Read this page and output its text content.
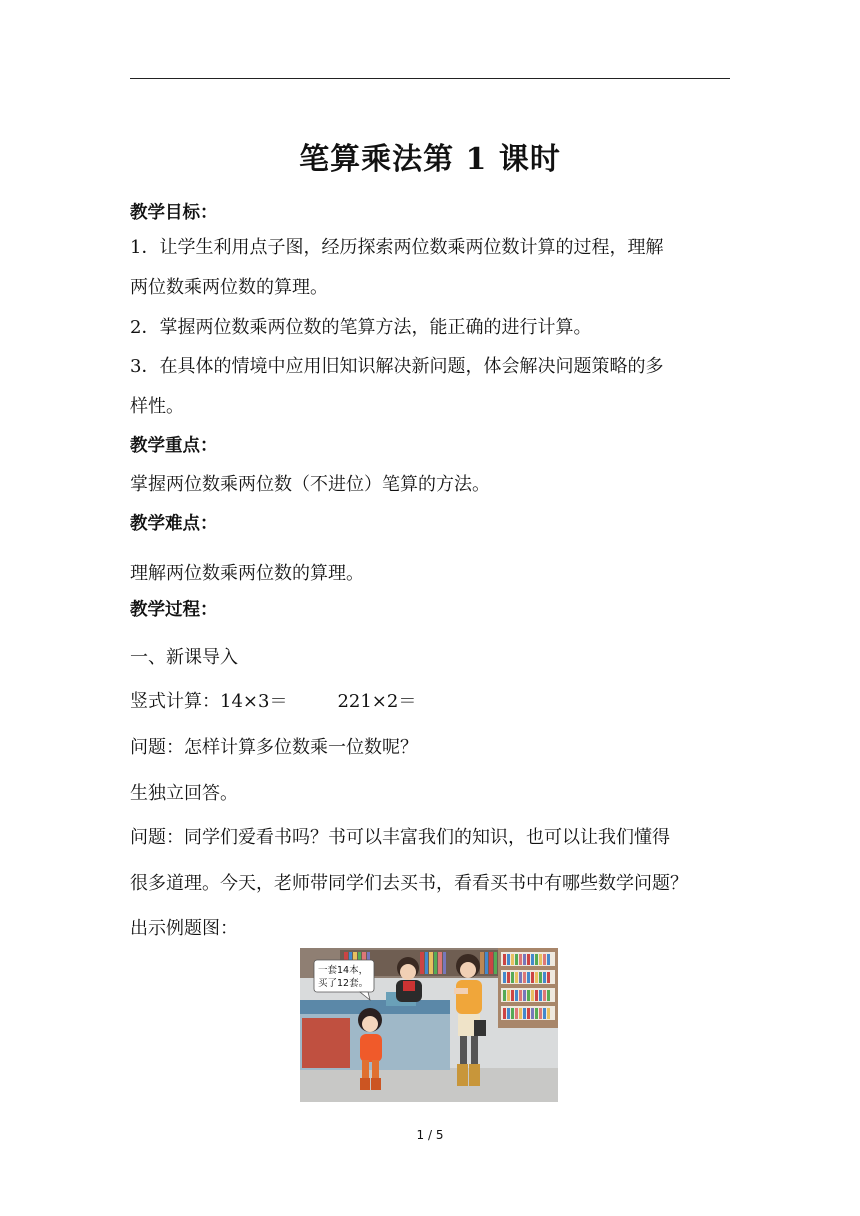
笔算乘法第 1 课时
教学目标：
1．让学生利用点子图，经历探索两位数乘两位数计算的过程，理解
两位数乘两位数的算理。
2．掌握两位数乘两位数的笔算方法，能正确的进行计算。
3．在具体的情境中应用旧知识解决新问题，体会解决问题策略的多
样性。
教学重点：
掌握两位数乘两位数（不进位）笔算的方法。
教学难点：
理解两位数乘两位数的算理。
教学过程：
一、新课导入
竖式计算：14×3＝	221×2＝
问题：怎样计算多位数乘一位数呢？
生独立回答。
问题：同学们爱看书吗？书可以丰富我们的知识，也可以让我们懂得
很多道理。今天，老师带同学们去买书，看看买书中有哪些数学问题？
出示例题图：
一套14本，
买了12套。
1 / 5
